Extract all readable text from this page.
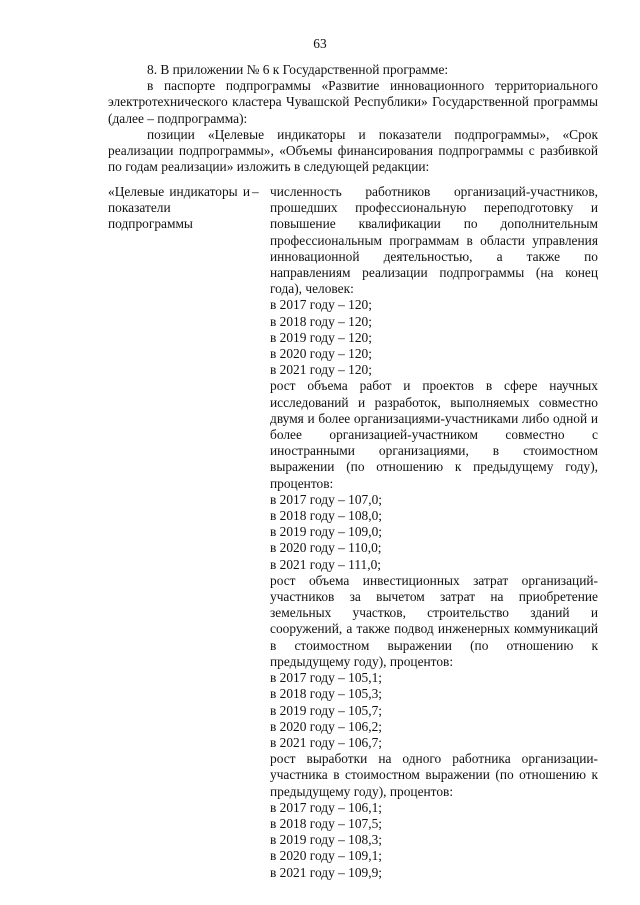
63

8. В приложении № 6 к Государственной программе:

в паспорте подпрограммы «Развитие инновационного территориального электротехнического кластера Чувашской Республики» Государственной программы (далее – подпрограмма):

позиции «Целевые индикаторы и показатели подпрограммы», «Срок реализации подпрограммы», «Объемы финансирования подпрограммы с разбивкой по годам реализации» изложить в следующей редакции:

«Целевые индикаторы и показатели подпрограммы
– численность работников организаций-участников, прошедших профессиональную переподготовку и повышение квалификации по дополнительным профессиональным программам в области управления инновационной деятельностью, а также по направлениям реализации подпрограммы (на конец года), человек:
в 2017 году – 120;
в 2018 году – 120;
в 2019 году – 120;
в 2020 году – 120;
в 2021 году – 120;
рост объема работ и проектов в сфере научных исследований и разработок, выполняемых совместно двумя и более организациями-участниками либо одной и более организацией-участником совместно с иностранными организациями, в стоимостном выражении (по отношению к предыдущему году), процентов:
в 2017 году – 107,0;
в 2018 году – 108,0;
в 2019 году – 109,0;
в 2020 году – 110,0;
в 2021 году – 111,0;
рост объема инвестиционных затрат организаций-участников за вычетом затрат на приобретение земельных участков, строительство зданий и сооружений, а также подвод инженерных коммуникаций в стоимостном выражении (по отношению к предыдущему году), процентов:
в 2017 году – 105,1;
в 2018 году – 105,3;
в 2019 году – 105,7;
в 2020 году – 106,2;
в 2021 году – 106,7;
рост выработки на одного работника организации-участника в стоимостном выражении (по отношению к предыдущему году), процентов:
в 2017 году – 106,1;
в 2018 году – 107,5;
в 2019 году – 108,3;
в 2020 году – 109,1;
в 2021 году – 109,9;
